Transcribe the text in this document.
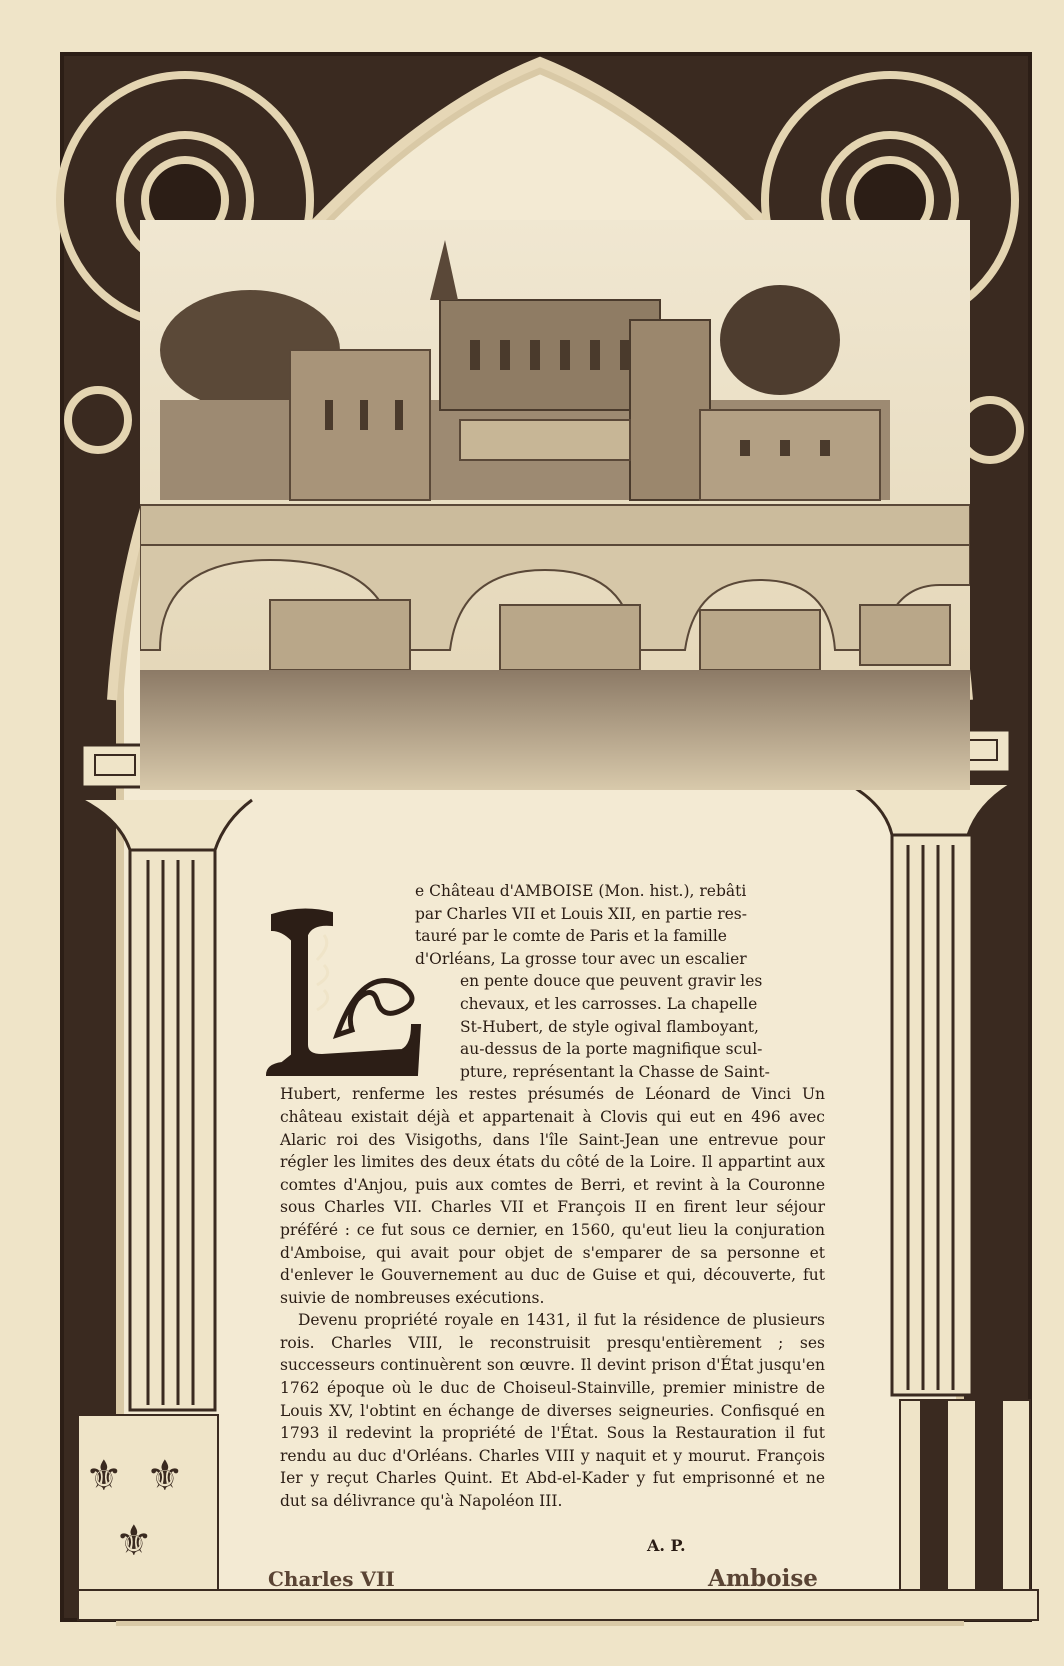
⚜ ⚜
⚜

e Château d'AMBOISE (Mon. hist.), rebâti

par Charles VII et Louis XII, en partie res-

tauré par le comte de Paris et la famille

d'Orléans, La grosse tour avec un escalier

en pente douce que peuvent gravir les

chevaux, et les carrosses. La chapelle

St-Hubert, de style ogival flamboyant,

au-dessus de la porte magnifique scul-

pture, représentant la Chasse de Saint-

Hubert, renferme les restes présumés de Léonard de Vinci Un château existait déjà et appartenait à Clovis qui eut en 496 avec Alaric roi des Visigoths, dans l'île Saint-Jean une entrevue pour régler les limites des deux états du côté de la Loire. Il appartint aux comtes d'Anjou, puis aux comtes de Berri, et revint à la Couronne sous Charles VII. Charles VII et François II en firent leur séjour préféré : ce fut sous ce dernier, en 1560, qu'eut lieu la conjuration d'Amboise, qui avait pour objet de s'emparer de sa personne et d'enlever le Gouvernement au duc de Guise et qui, découverte, fut suivie de nombreuses exécutions.

Devenu propriété royale en 1431, il fut la résidence de plusieurs rois. Charles VIII, le reconstruisit presqu'entièrement ; ses successeurs continuèrent son œuvre. Il devint prison d'État jusqu'en 1762 époque où le duc de Choiseul-Stainville, premier ministre de Louis XV, l'obtint en échange de diverses seigneuries. Confisqué en 1793 il redevint la propriété de l'État. Sous la Restauration il fut rendu au duc d'Orléans. Charles VIII y naquit et y mourut. François Ier y reçut Charles Quint. Et Abd-el-Kader y fut emprisonné et ne dut sa délivrance qu'à Napoléon III.

A. P.
Charles VII	Amboise
